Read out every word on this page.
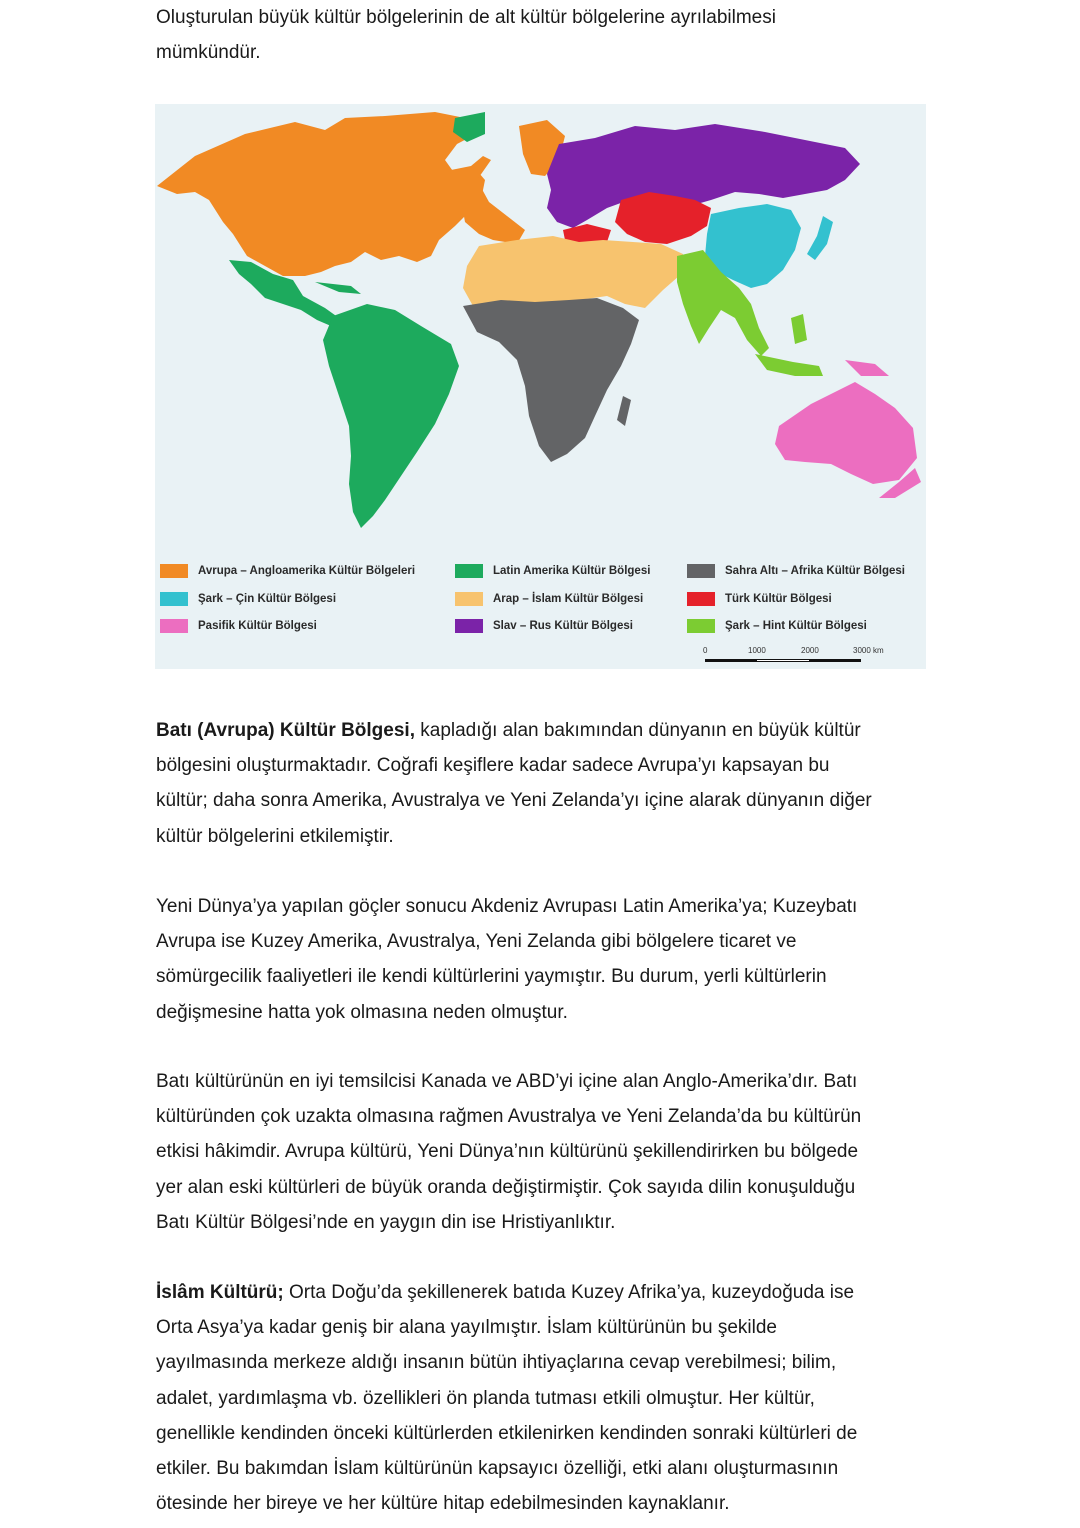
Oluşturulan büyük kültür bölgelerinin de alt kültür bölgelerine ayrılabilmesi

mümkündür.

Avrupa – Angloamerika Kültür Bölgeleri	Latin Amerika Kültür Bölgesi	Sahra Altı – Afrika Kültür Bölgesi
Şark – Çin Kültür Bölgesi	Arap – İslam Kültür Bölgesi	Türk Kültür Bölgesi
Pasifik Kültür Bölgesi	Slav – Rus Kültür Bölgesi	Şark – Hint Kültür Bölgesi
0	1000	2000	3000 km

Batı (Avrupa) Kültür Bölgesi, kapladığı alan bakımından dünyanın en büyük kültür

bölgesini oluşturmaktadır. Coğrafi keşiflere kadar sadece Avrupa’yı kapsayan bu

kültür; daha sonra Amerika, Avustralya ve Yeni Zelanda’yı içine alarak dünyanın diğer

kültür bölgelerini etkilemiştir.

Yeni Dünya’ya yapılan göçler sonucu Akdeniz Avrupası Latin Amerika’ya; Kuzeybatı

Avrupa ise Kuzey Amerika, Avustralya, Yeni Zelanda gibi bölgelere ticaret ve

sömürgecilik faaliyetleri ile kendi kültürlerini yaymıştır. Bu durum, yerli kültürlerin

değişmesine hatta yok olmasına neden olmuştur.

Batı kültürünün en iyi temsilcisi Kanada ve ABD’yi içine alan Anglo-Amerika’dır. Batı

kültüründen çok uzakta olmasına rağmen Avustralya ve Yeni Zelanda’da bu kültürün

etkisi hâkimdir. Avrupa kültürü, Yeni Dünya’nın kültürünü şekillendirirken bu bölgede

yer alan eski kültürleri de büyük oranda değiştirmiştir. Çok sayıda dilin konuşulduğu

Batı Kültür Bölgesi’nde en yaygın din ise Hristiyanlıktır.

İslâm Kültürü; Orta Doğu’da şekillenerek batıda Kuzey Afrika’ya, kuzeydoğuda ise

Orta Asya’ya kadar geniş bir alana yayılmıştır. İslam kültürünün bu şekilde

yayılmasında merkeze aldığı insanın bütün ihtiyaçlarına cevap verebilmesi; bilim,

adalet, yardımlaşma vb. özellikleri ön planda tutması etkili olmuştur. Her kültür,

genellikle kendinden önceki kültürlerden etkilenirken kendinden sonraki kültürleri de

etkiler. Bu bakımdan İslam kültürünün kapsayıcı özelliği, etki alanı oluşturmasının

ötesinde her bireye ve her kültüre hitap edebilmesinden kaynaklanır.
